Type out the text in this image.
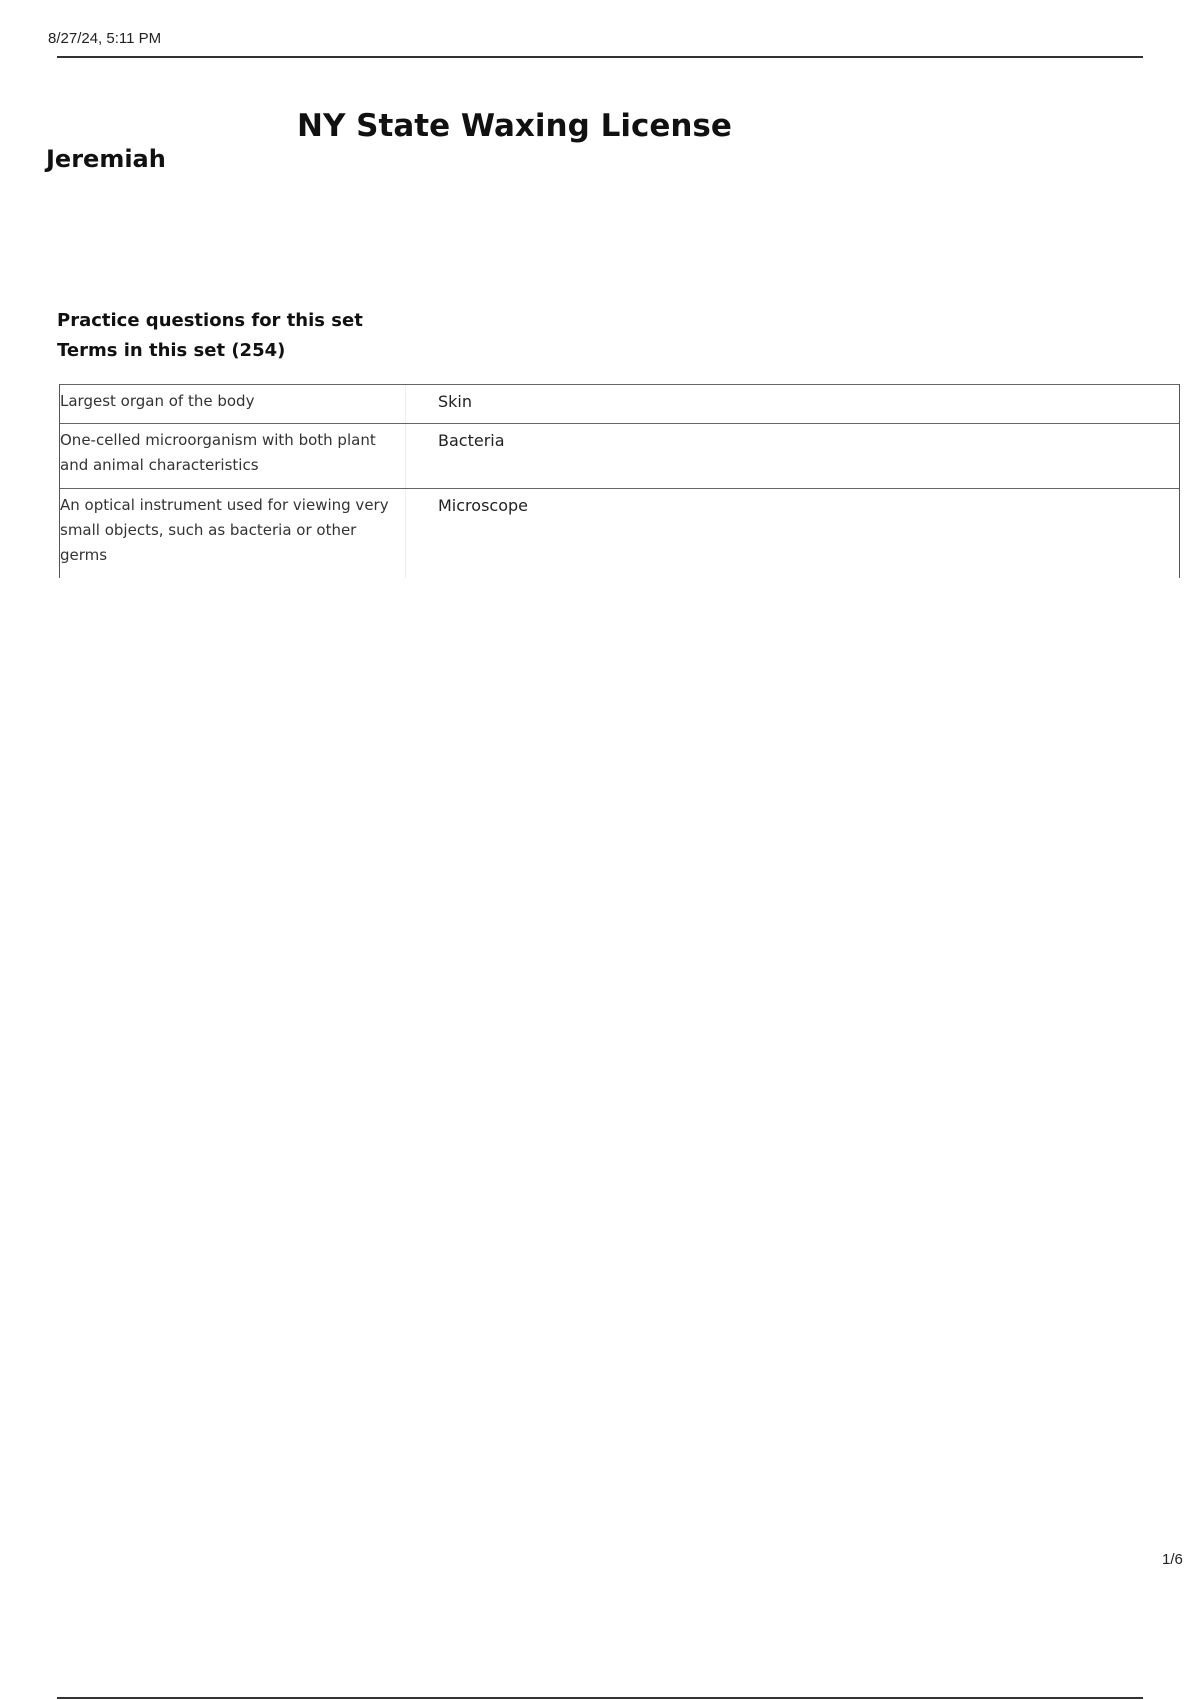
8/27/24, 5:11 PM
NY State Waxing License
Jeremiah
Practice questions for this set
Terms in this set (254)
Largest organ of the body	Skin
One-celled microorganism with both plant and animal characteristics
Bacteria
An optical instrument used for viewing very small objects, such as bacteria or other germs
Microscope
1/6
